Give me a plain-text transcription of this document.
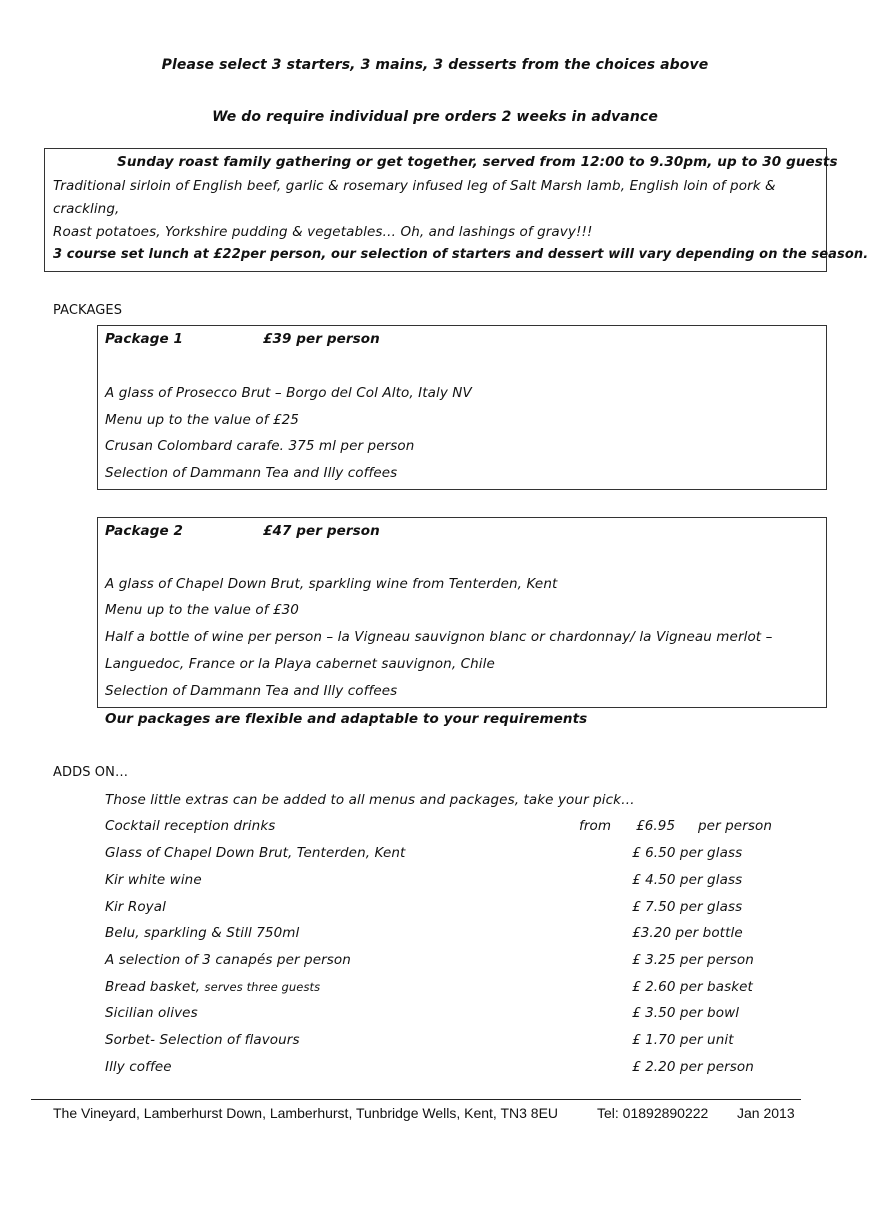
Please select 3 starters, 3 mains, 3 desserts from the choices above
We do require individual pre orders 2 weeks in advance
Sunday roast family gathering or get together, served from 12:00 to 9.30pm, up to 30 guests
Traditional sirloin of English beef, garlic & rosemary infused leg of Salt Marsh lamb, English loin of pork &
crackling,
Roast potatoes, Yorkshire pudding & vegetables… Oh, and lashings of gravy!!!
3 course set lunch at £22per person, our selection of starters and dessert will vary depending on the season.
PACKAGES
Package 1	£39 per person
A glass of Prosecco Brut – Borgo del Col Alto, Italy NV
Menu up to the value of £25
Crusan Colombard carafe. 375 ml per person
Selection of Dammann Tea and Illy coffees
Package 2	£47 per person
A glass of Chapel Down Brut, sparkling wine from Tenterden, Kent
Menu up to the value of £30
Half a bottle of wine per person – la Vigneau sauvignon blanc or chardonnay/ la Vigneau merlot –
Languedoc, France or la Playa cabernet sauvignon, Chile
Selection of Dammann Tea and Illy coffees
Our packages are flexible and adaptable to your requirements
ADDS ON…
Those little extras can be added to all menus and packages, take your pick…
Cocktail reception drinks	from £6.95 per person
Glass of Chapel Down Brut, Tenterden, Kent	£ 6.50 per glass
Kir white wine	£ 4.50 per glass
Kir Royal	£ 7.50 per glass
Belu, sparkling & Still 750ml	£3.20 per bottle
A selection of 3 canapés per person	£ 3.25 per person
Bread basket, serves three guests	£ 2.60 per basket
Sicilian olives	£ 3.50 per bowl
Sorbet- Selection of flavours	£ 1.70 per unit
Illy coffee	£ 2.20 per person
The Vineyard, Lamberhurst Down, Lamberhurst, Tunbridge Wells, Kent, TN3 8EU	Tel: 01892890222 Jan 2013
